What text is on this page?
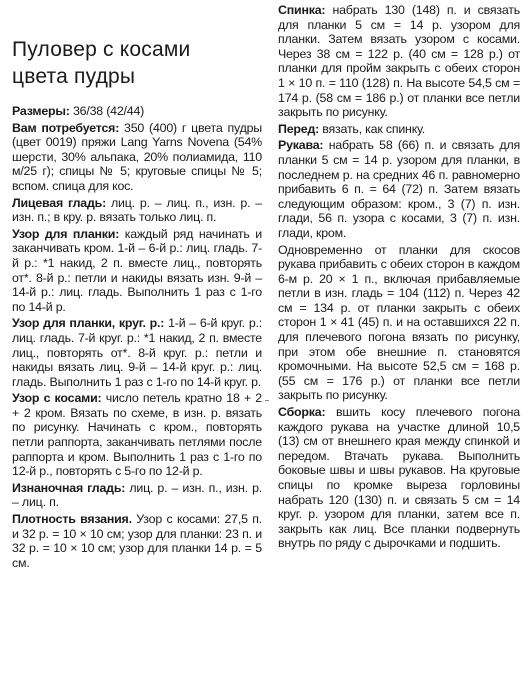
Пуловер с косами
цвета пудры

Размеры: 36/38 (42/44)

Вам потребуется: 350 (400) г цвета пудры (цвет 0019) пряжи Lang Yarns Novena (54% шерсти, 30% альпака, 20% полиамида, 110 м/25 г); спицы № 5; круговые спицы № 5; вспом. спица для кос.

Лицевая гладь: лиц. р. – лиц. п., изн. р. – изн. п.; в кру. р. вязать только лиц. п.

Узор для планки: каждый ряд начинать и заканчивать кром. 1-й – 6-й р.: лиц. гладь. 7-й р.: *1 накид, 2 п. вместе лиц., повторять от*. 8-й р.: петли и накиды вязать изн. 9-й – 14-й р.: лиц. гладь. Выполнить 1 раз с 1-го по 14-й р.

Узор для планки, круг. р.: 1-й – 6-й круг. р.: лиц. гладь. 7-й круг. р.: *1 накид, 2 п. вместе лиц., повторять от*. 8-й круг. р.: петли и накиды вязать лиц. 9-й – 14-й круг. р.: лиц. гладь. Выполнить 1 раз с 1-го по 14-й круг. р.

Узор с косами: число петель кратно 18 + 2 + 2 кром. Вязать по схеме, в изн. р. вязать по рисунку. Начинать с кром., повторять петли раппорта, заканчивать петлями после раппорта и кром. Выполнить 1 раз с 1-го по 12-й р., повторять с 5-го по 12-й р.

Изнаночная гладь: лиц. р. – изн. п., изн. р. – лиц. п.

Плотность вязания. Узор с косами: 27,5 п. и 32 р. = 10 × 10 см; узор для планки: 23 п. и 32 р. = 10 × 10 см; узор для планки 14 р. = 5 см.

Спинка: набрать 130 (148) п. и связать для планки 5 см = 14 р. узором для планки. Затем вязать узором с косами. Через 38 см = 122 р. (40 см = 128 р.) от планки для пройм закрыть с обеих сторон 1 × 10 п. = 110 (128) п. На высоте 54,5 см = 174 р. (58 см = 186 р.) от планки все петли закрыть по рисунку.

Перед: вязать, как спинку.

Рукава: набрать 58 (66) п. и связать для планки 5 см = 14 р. узором для планки, в последнем р. на средних 46 п. равномерно прибавить 6 п. = 64 (72) п. Затем вязать следующим образом: кром., 3 (7) п. изн. глади, 56 п. узора с косами, 3 (7) п. изн. глади, кром.

Одновременно от планки для скосов рукава прибавить с обеих сторон в каждом 6-м р. 20 × 1 п., включая прибавляемые петли в изн. гладь = 104 (112) п. Через 42 см = 134 р. от планки закрыть с обеих сторон 1 × 41 (45) п. и на оставшихся 22 п. для плечевого погона вязать по рисунку, при этом обе внешние п. становятся кромочными. На высоте 52,5 см = 168 р. (55 см = 176 р.) от планки все петли закрыть по рисунку.

Сборка: вшить косу плечевого погона каждого рукава на участке длиной 10,5 (13) см от внешнего края между спинкой и передом. Втачать рукава. Выполнить боковые швы и швы рукавов. На круговые спицы по кромке выреза горловины набрать 120 (130) п. и связать 5 см = 14 круг. р. узором для планки, затем все п. закрыть как лиц. Все планки подвернуть внутрь по ряду с дырочками и подшить.
